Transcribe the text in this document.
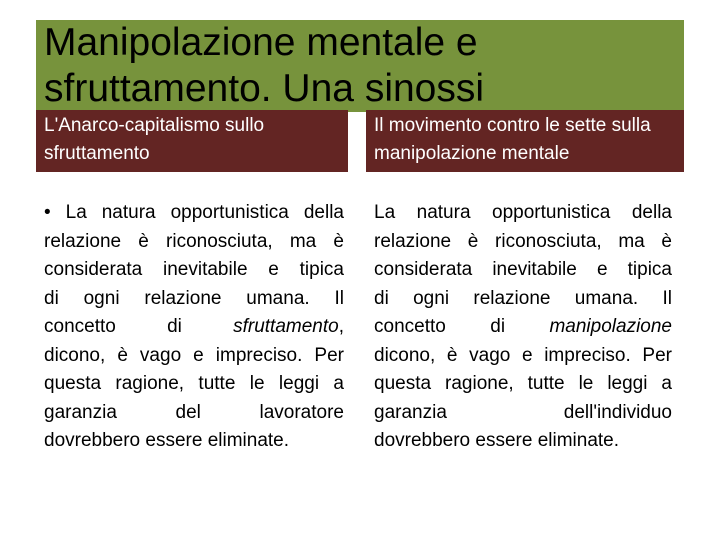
Manipolazione mentale e sfruttamento. Una sinossi
L'Anarco-capitalismo sullo sfruttamento
Il movimento contro le sette sulla manipolazione mentale
• La natura opportunistica della
relazione è riconosciuta, ma è
considerata inevitabile e tipica
di ogni relazione umana. Il
concetto di sfruttamento,
dicono, è vago e impreciso. Per
questa ragione, tutte le leggi a
garanzia del lavoratore
dovrebbero essere eliminate.
La natura opportunistica della
relazione è riconosciuta, ma è
considerata inevitabile e tipica
di ogni relazione umana. Il
concetto di manipolazione
dicono, è vago e impreciso. Per
questa ragione, tutte le leggi a
garanzia dell'individuo
dovrebbero essere eliminate.
